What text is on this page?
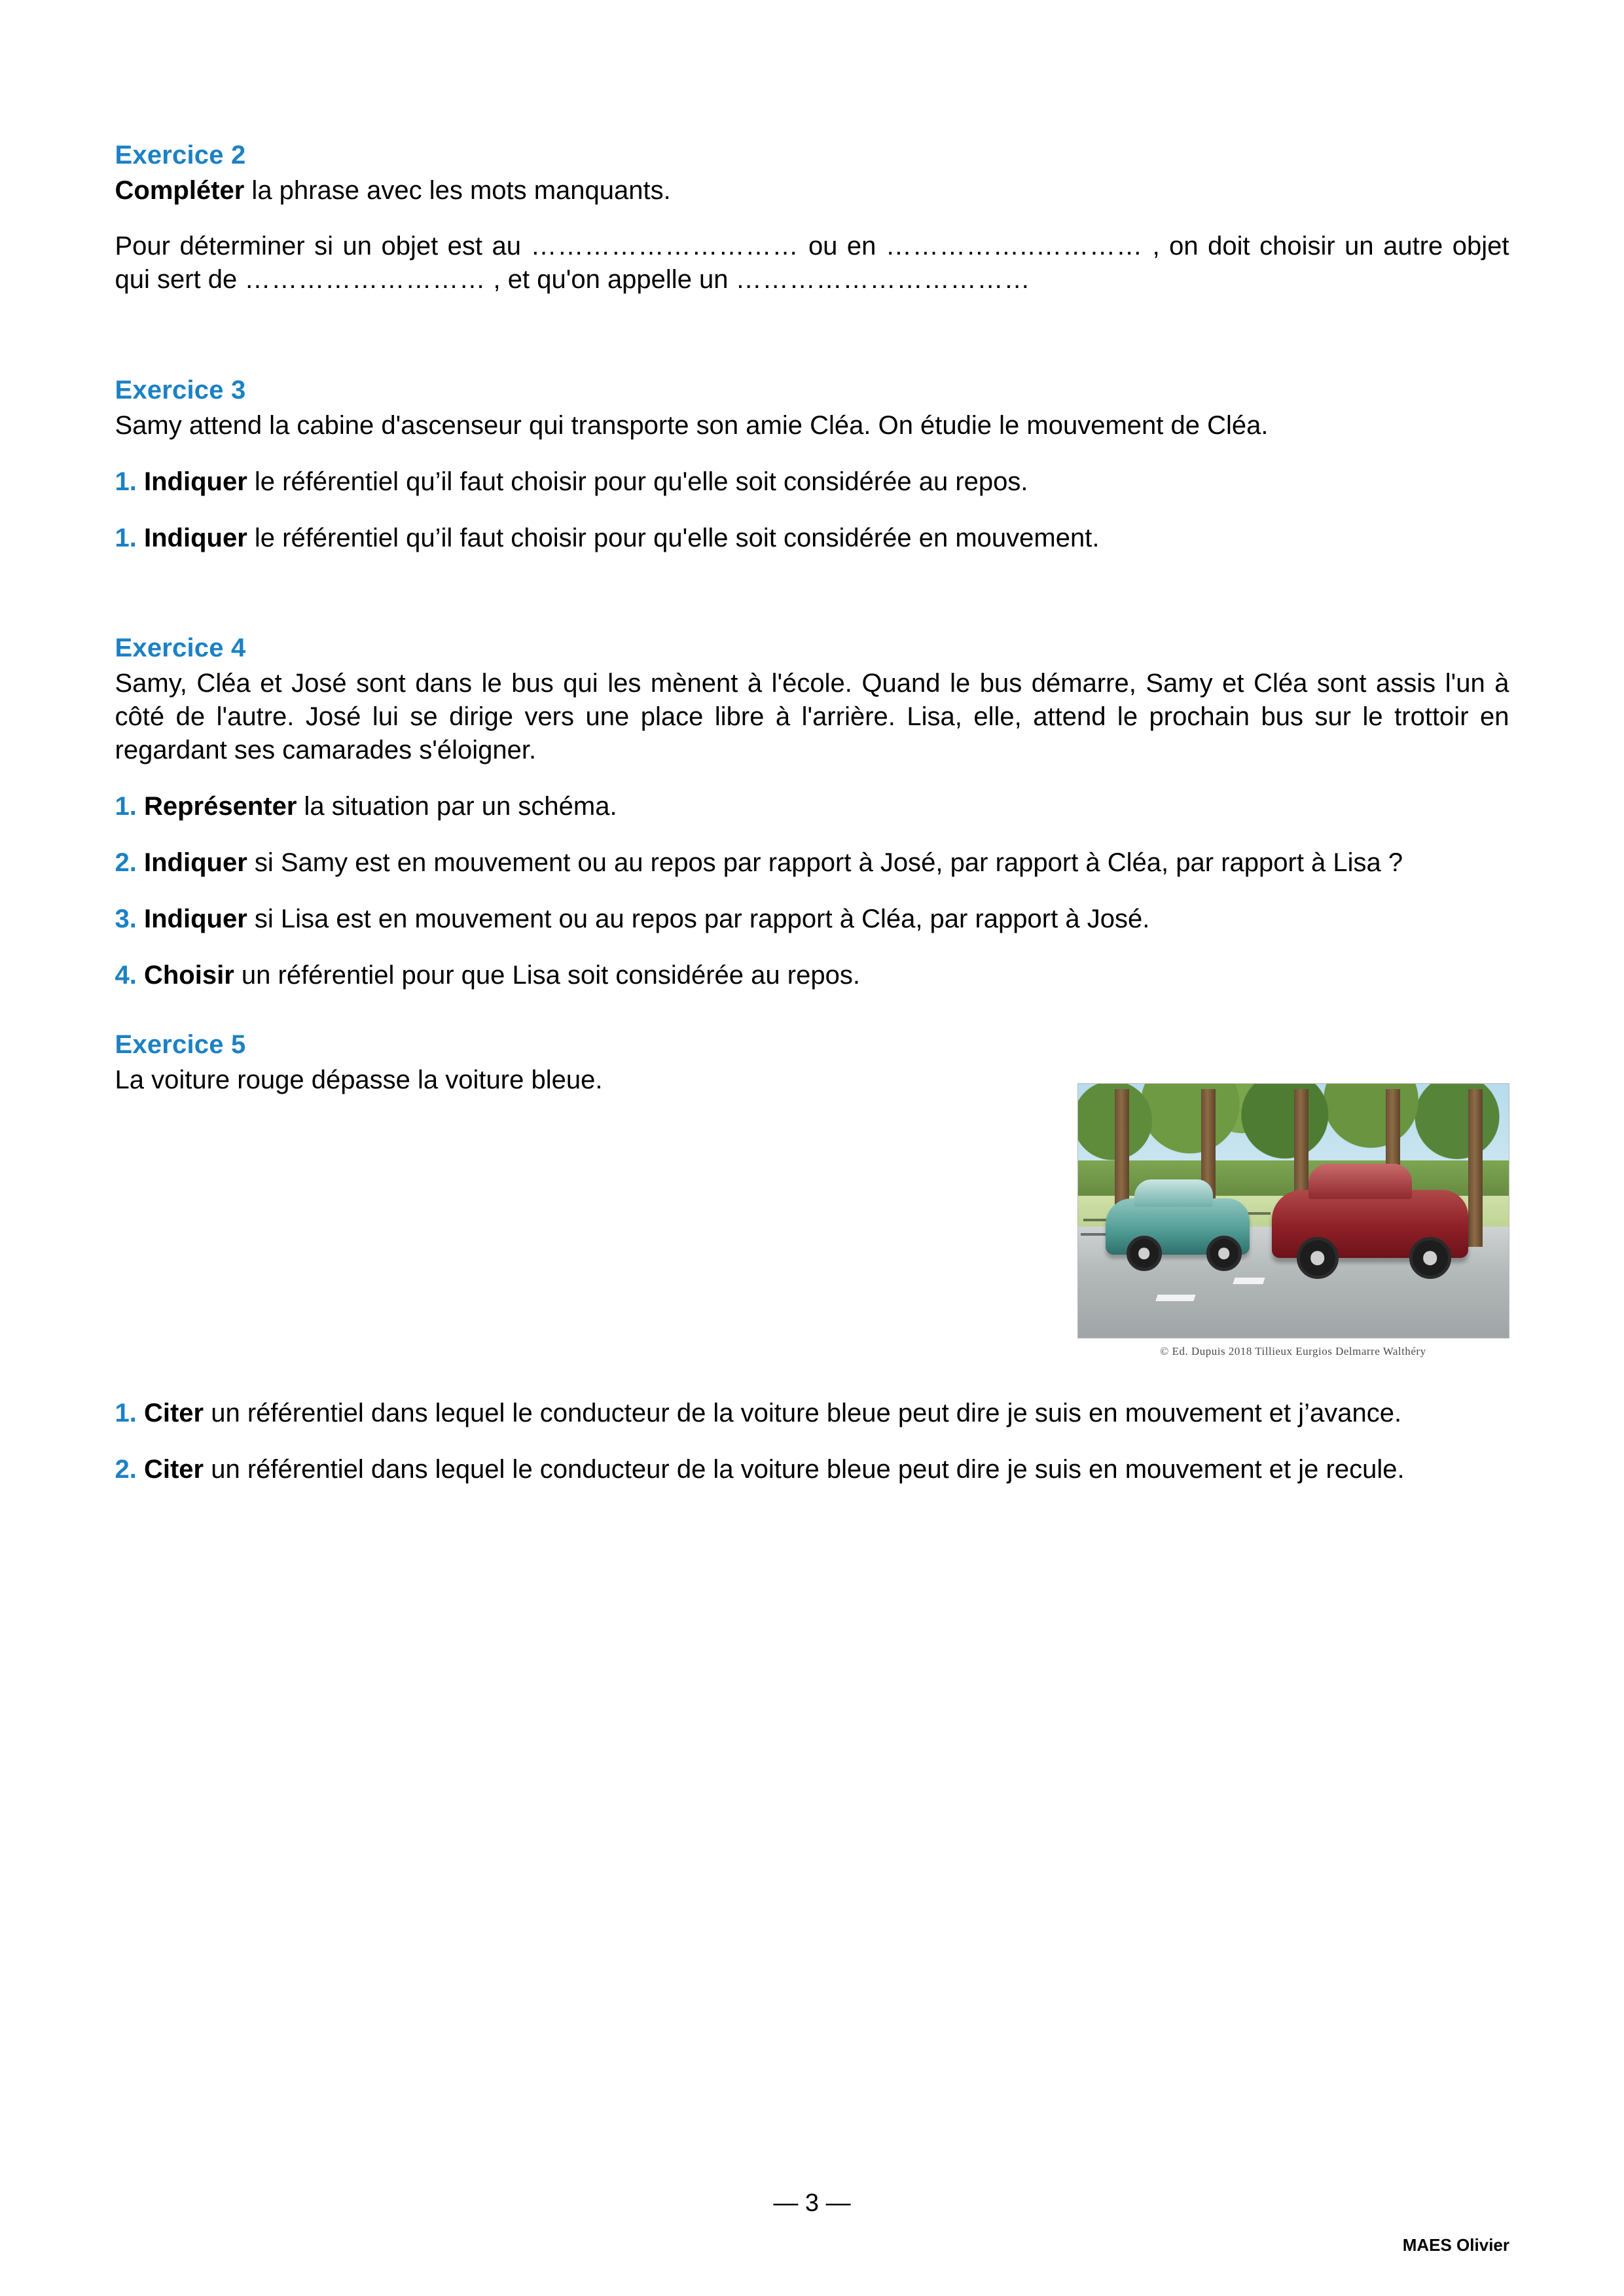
Exercice 2

Compléter la phrase avec les mots manquants.

Pour déterminer si un objet est au ………………………… ou en ……………..………… , on doit choisir un autre objet qui sert de ……………………… , et qu'on appelle un ……………………………

Exercice 3

Samy attend la cabine d'ascenseur qui transporte son amie Cléa. On étudie le mouvement de Cléa.

1. Indiquer le référentiel qu’il faut choisir pour qu'elle soit considérée au repos.

1. Indiquer le référentiel qu’il faut choisir pour qu'elle soit considérée en mouvement.

Exercice 4

Samy, Cléa et José sont dans le bus qui les mènent à l'école. Quand le bus démarre, Samy et Cléa sont assis l'un à côté de l'autre. José lui se dirige vers une place libre à l'arrière. Lisa, elle, attend le prochain bus sur le trottoir en regardant ses camarades s'éloigner.

1. Représenter la situation par un schéma.

2. Indiquer si Samy est en mouvement ou au repos par rapport à José, par rapport à Cléa, par rapport à Lisa ?

3. Indiquer si Lisa est en mouvement ou au repos par rapport à Cléa, par rapport à José.

4. Choisir un référentiel pour que Lisa soit considérée au repos.

Exercice 5

La voiture rouge dépasse la voiture bleue.

© Ed. Dupuis 2018 Tillieux Eurgios Delmarre Walthéry

1. Citer un référentiel dans lequel le conducteur de la voiture bleue peut dire je suis en mouvement et j’avance.

2. Citer un référentiel dans lequel le conducteur de la voiture bleue peut dire je suis en mouvement et je recule.

— 3 —
MAES Olivier
